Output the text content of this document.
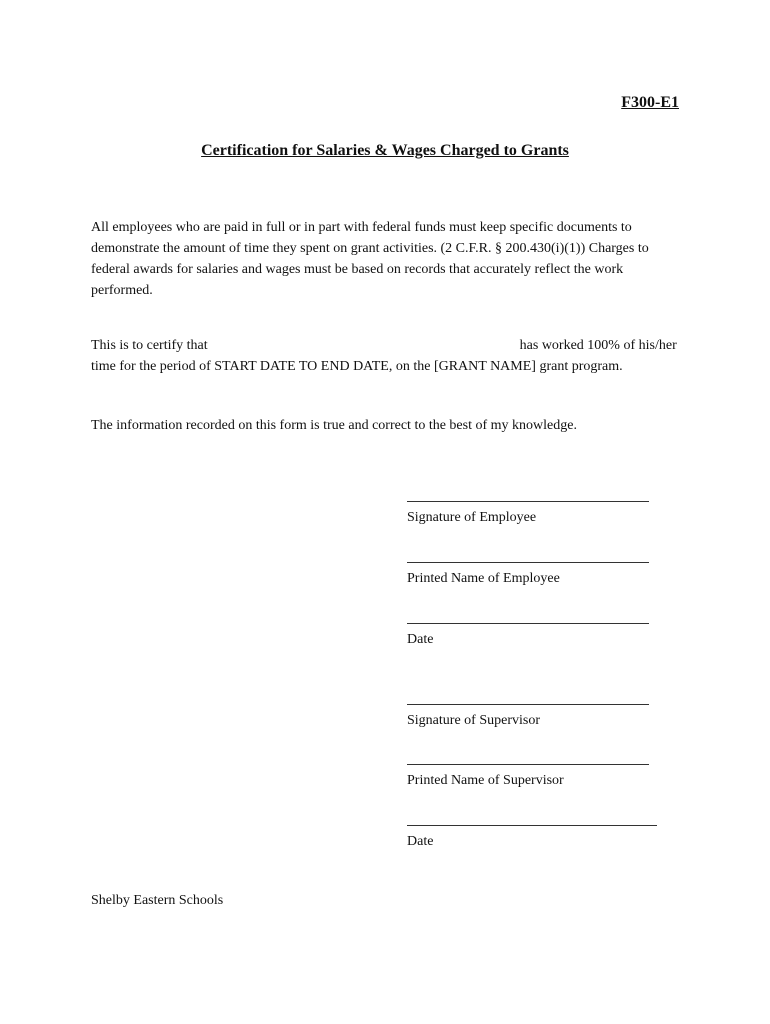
F300-E1
Certification for Salaries & Wages Charged to Grants
All employees who are paid in full or in part with federal funds must keep specific documents to demonstrate the amount of time they spent on grant activities. (2 C.F.R. § 200.430(i)(1)) Charges to federal awards for salaries and wages must be based on records that accurately reflect the work performed.
This is to certify that	has worked 100% of his/her time for the period of START DATE TO END DATE, on the [GRANT NAME] grant program.
The information recorded on this form is true and correct to the best of my knowledge.
Signature of Employee
Printed Name of Employee
Date
Signature of Supervisor
Printed Name of Supervisor
Date
Shelby Eastern Schools
